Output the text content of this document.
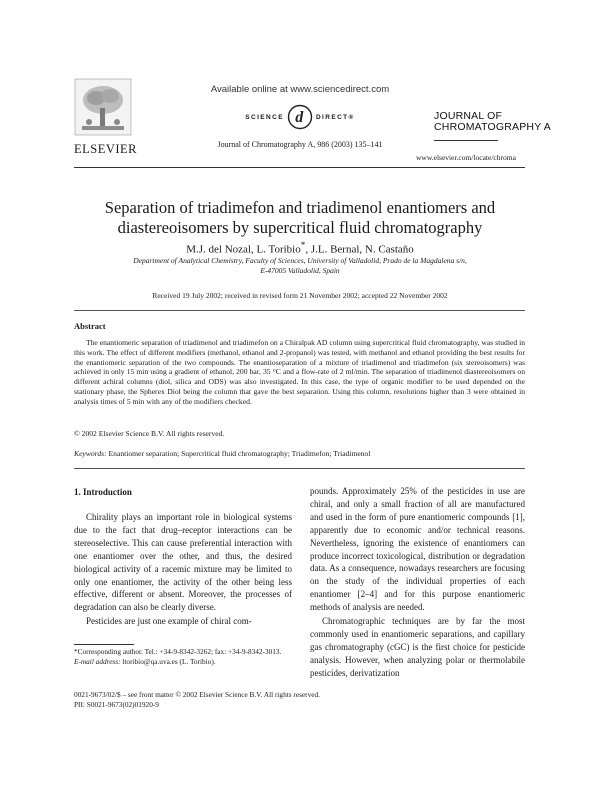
ELSEVIER
Available online at www.sciencedirect.com
SCIENCE d DIRECT ®
Journal of Chromatography A, 986 (2003) 135–141
JOURNAL OF
CHROMATOGRAPHY A
www.elsevier.com/locate/chroma
Separation of triadimefon and triadimenol enantiomers and
diastereoisomers by supercritical fluid chromatography
M.J. del Nozal, L. Toribio*, J.L. Bernal, N. Castaño
Department of Analytical Chemistry, Faculty of Sciences, University of Valladolid, Prado de la Magdalena s/n,
E-47005 Valladolid, Spain
Received 19 July 2002; received in revised form 21 November 2002; accepted 22 November 2002
Abstract

The enantiomeric separation of triadimenol and triadimefon on a Chiralpak AD column using supercritical fluid chromatography, was studied in this work. The effect of different modifiers (methanol, ethanol and 2-propanol) was tested, with methanol and ethanol providing the best results for the enantiomeric separation of the two compounds. The enantioseparation of a mixture of triadimenol and triadimefon (six stereoisomers) was achieved in only 15 min using a gradient of ethanol, 200 bar, 35 °C and a flow-rate of 2 ml/min. The separation of triadimenol diastereoisomers on different achiral columns (diol, silica and ODS) was also investigated. In this case, the type of organic modifier to be used depended on the stationary phase, the Spherex Diol being the column that gave the best separation. Using this column, resolutions higher than 3 were obtained in analysis times of 5 min with any of the modifiers checked.

© 2002 Elsevier Science B.V. All rights reserved.
Keywords: Enantiomer separation; Supercritical fluid chromatography; Triadimefon; Triadimenol
1. Introduction

Chirality plays an important role in biological systems due to the fact that drug–receptor interactions can be stereoselective. This can cause preferential interaction with one enantiomer over the other, and thus, the desired biological activity of a racemic mixture may be limited to only one enantiomer, the activity of the other being less effective, different or absent. Moreover, the processes of degradation can also be clearly diverse.

Pesticides are just one example of chiral com-

pounds. Approximately 25% of the pesticides in use are chiral, and only a small fraction of all are manufactured and used in the form of pure enantiomeric compounds [1], apparently due to economic and/or technical reasons. Nevertheless, ignoring the existence of enantiomers can produce incorrect toxicological, distribution or degradation data. As a consequence, nowadays researchers are focusing on the study of the individual properties of each enantiomer [2–4] and for this purpose enantiomeric methods of analysis are needed.

Chromatographic techniques are by far the most commonly used in enantiomeric separations, and capillary gas chromatography (cGC) is the first choice for pesticide analysis. However, when analyzing polar or thermolabile pesticides, derivatization

*Corresponding author. Tel.: +34-9-8342-3262; fax: +34-9-8342-3013.
E-mail address: ltoribio@qa.uva.es (L. Toribio).
0021-9673/02/$ – see front matter © 2002 Elsevier Science B.V. All rights reserved.
PII: S0021-9673(02)01920-9
